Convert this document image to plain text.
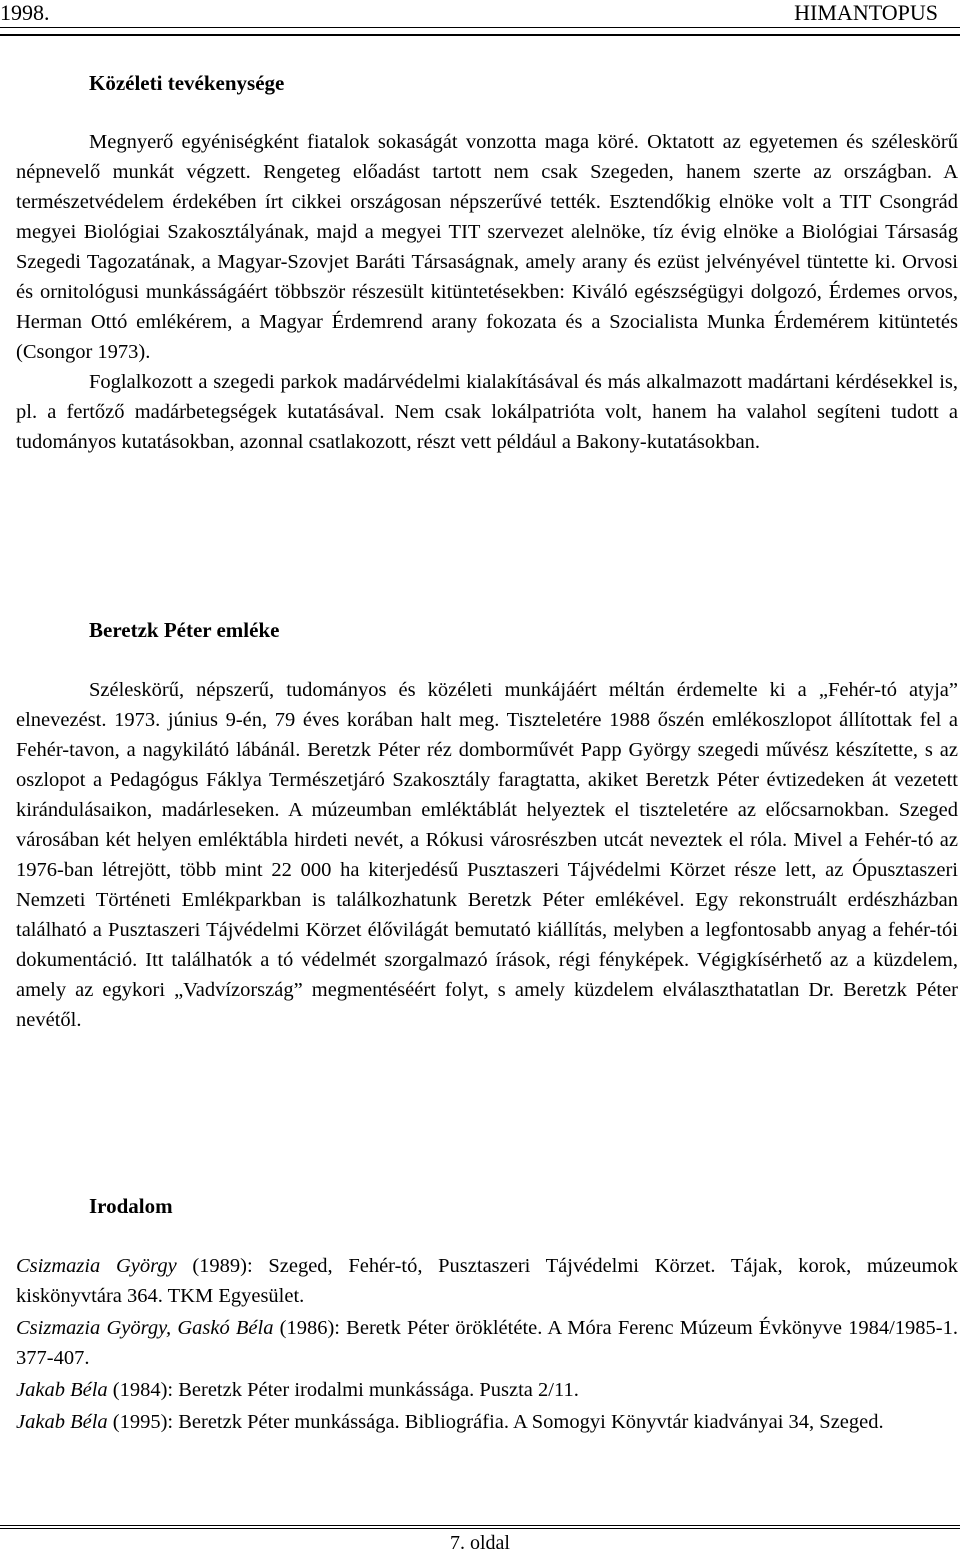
1998.	HIMANTOPUS
Közéleti tevékenysége

Megnyerő egyéniségként fiatalok sokaságát vonzotta maga köré. Oktatott az egyetemen és széleskörű népnevelő munkát végzett. Rengeteg előadást tartott nem csak Szegeden, hanem szerte az országban. A természetvédelem érdekében írt cikkei országosan népszerűvé tették. Esztendőkig elnöke volt a TIT Csongrád megyei Biológiai Szakosztályának, majd a megyei TIT szervezet alelnöke, tíz évig elnöke a Biológiai Társaság Szegedi Tagozatának, a Magyar-Szovjet Baráti Társaságnak, amely arany és ezüst jelvényével tüntette ki. Orvosi és ornitológusi munkásságáért többször részesült kitüntetésekben: Kiváló egészségügyi dolgozó, Érdemes orvos, Herman Ottó emlékérem, a Magyar Érdemrend arany fokozata és a Szocialista Munka Érdemérem kitüntetés (Csongor 1973).

Foglalkozott a szegedi parkok madárvédelmi kialakításával és más alkalmazott madártani kérdésekkel is, pl. a fertőző madárbetegségek kutatásával. Nem csak lokálpatrióta volt, hanem ha valahol segíteni tudott a tudományos kutatásokban, azonnal csatlakozott, részt vett például a Bakony-kutatásokban.

Beretzk Péter emléke

Széleskörű, népszerű, tudományos és közéleti munkájáért méltán érdemelte ki a „Fehér-tó atyja” elnevezést. 1973. június 9-én, 79 éves korában halt meg. Tiszteletére 1988 őszén emlékoszlopot állítottak fel a Fehér-tavon, a nagykilátó lábánál. Beretzk Péter réz domborművét Papp György szegedi művész készítette, s az oszlopot a Pedagógus Fáklya Természetjáró Szakosztály faragtatta, akiket Beretzk Péter évtizedeken át vezetett kirándulásaikon, madárleseken. A múzeumban emléktáblát helyeztek el tiszteletére az előcsarnokban. Szeged városában két helyen emléktábla hirdeti nevét, a Rókusi városrészben utcát neveztek el róla. Mivel a Fehér-tó az 1976-ban létrejött, több mint 22 000 ha kiterjedésű Pusztaszeri Tájvédelmi Körzet része lett, az Ópusztaszeri Nemzeti Történeti Emlékparkban is találkozhatunk Beretzk Péter emlékével. Egy rekonstruált erdészházban található a Pusztaszeri Tájvédelmi Körzet élővilágát bemutató kiállítás, melyben a legfontosabb anyag a fehér-tói dokumentáció. Itt találhatók a tó védelmét szorgalmazó írások, régi fényképek. Végigkísérhető az a küzdelem, amely az egykori „Vadvízország” megmentéséért folyt, s amely küzdelem elválaszthatatlan Dr. Beretzk Péter nevétől.

Irodalom

Csizmazia György (1989): Szeged, Fehér-tó, Pusztaszeri Tájvédelmi Körzet. Tájak, korok, múzeumok kiskönyvtára 364. TKM Egyesület.

Csizmazia György, Gaskó Béla (1986): Beretk Péter öröklététe. A Móra Ferenc Múzeum Évkönyve 1984/1985-1. 377-407.

Jakab Béla (1984): Beretzk Péter irodalmi munkássága. Puszta 2/11.

Jakab Béla (1995): Beretzk Péter munkássága. Bibliográfia. A Somogyi Könyvtár kiadványai 34, Szeged.

7. oldal
